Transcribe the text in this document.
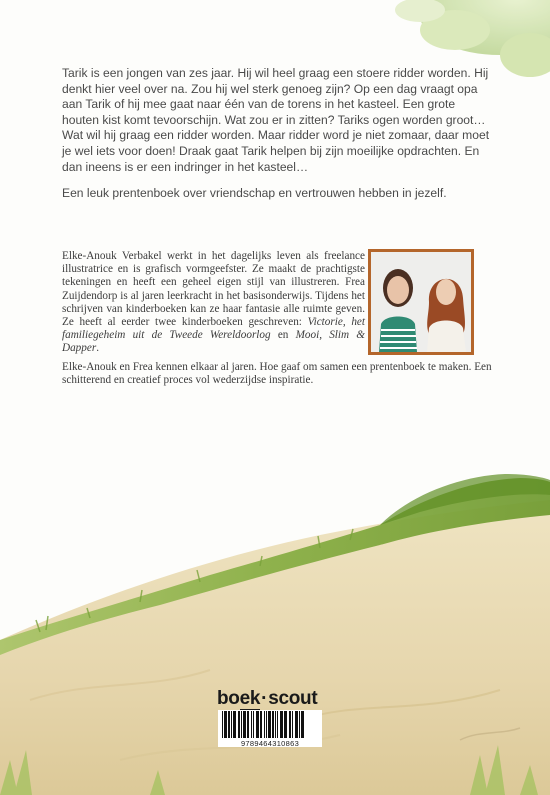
Tarik is een jongen van zes jaar. Hij wil heel graag een stoere ridder worden. Hij denkt hier veel over na. Zou hij wel sterk genoeg zijn? Op een dag vraagt opa aan Tarik of hij mee gaat naar één van de torens in het kasteel. Een grote houten kist komt tevoorschijn. Wat zou er in zitten? Tariks ogen worden groot… Wat wil hij graag een ridder worden. Maar ridder word je niet zomaar, daar moet je wel iets voor doen! Draak gaat Tarik helpen bij zijn moeilijke opdrachten. En dan ineens is er een indringer in het kasteel…

Een leuk prentenboek over vriendschap en vertrouwen hebben in jezelf.

Elke-Anouk Verbakel werkt in het dagelijks leven als freelance illustratrice en is grafisch vormgeefster. Ze maakt de prachtigste tekeningen en heeft een geheel eigen stijl van illustreren. Frea Zuijdendorp is al jaren leerkracht in het basisonderwijs. Tijdens het schrijven van kinderboeken kan ze haar fantasie alle ruimte geven. Ze heeft al eerder twee kinderboeken geschreven: Victorie, het familiegeheim uit de Tweede Wereldoorlog en Mooi, Slim & Dapper.

Elke-Anouk en Frea kennen elkaar al jaren. Hoe gaaf om samen een prentenboek te maken. Een schitterend en creatief proces vol wederzijdse inspiratie.

boek·scout
9789464310863
